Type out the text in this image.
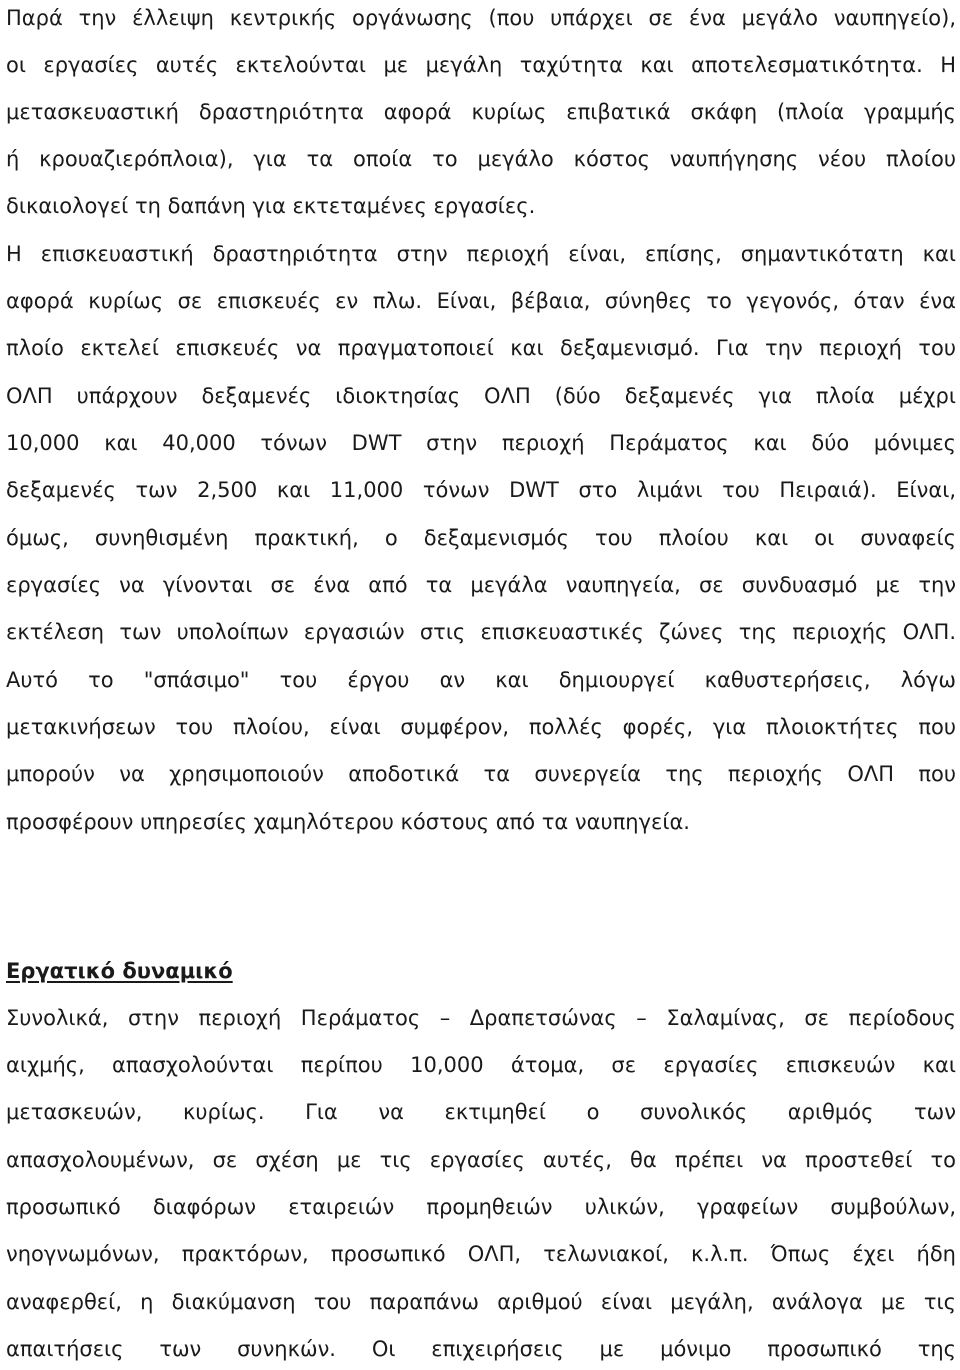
Παρά την έλλειψη κεντρικής οργάνωσης (που υπάρχει σε ένα μεγάλο ναυπηγείο),
οι εργασίες αυτές εκτελούνται με μεγάλη ταχύτητα και αποτελεσματικότητα. Η
μετασκευαστική δραστηριότητα αφορά κυρίως επιβατικά σκάφη (πλοία γραμμής
ή κρουαζιερόπλοια), για τα οποία το μεγάλο κόστος ναυπήγησης νέου πλοίου
δικαιολογεί τη δαπάνη για εκτεταμένες εργασίες.
Η επισκευαστική δραστηριότητα στην περιοχή είναι, επίσης, σημαντικότατη και
αφορά κυρίως σε επισκευές εν πλω. Είναι, βέβαια, σύνηθες το γεγονός, όταν ένα
πλοίο εκτελεί επισκευές να πραγματοποιεί και δεξαμενισμό. Για την περιοχή του
ΟΛΠ υπάρχουν δεξαμενές ιδιοκτησίας ΟΛΠ (δύο δεξαμενές για πλοία μέχρι
10,000 και 40,000 τόνων DWT στην περιοχή Περάματος και δύο μόνιμες
δεξαμενές των 2,500 και 11,000 τόνων DWT στο λιμάνι του Πειραιά). Είναι,
όμως, συνηθισμένη πρακτική, ο δεξαμενισμός του πλοίου και οι συναφείς
εργασίες να γίνονται σε ένα από τα μεγάλα ναυπηγεία, σε συνδυασμό με την
εκτέλεση των υπολοίπων εργασιών στις επισκευαστικές ζώνες της περιοχής ΟΛΠ.
Αυτό το "σπάσιμο" του έργου αν και δημιουργεί καθυστερήσεις, λόγω
μετακινήσεων του πλοίου, είναι συμφέρον, πολλές φορές, για πλοιοκτήτες που
μπορούν να χρησιμοποιούν αποδοτικά τα συνεργεία της περιοχής ΟΛΠ που
προσφέρουν υπηρεσίες χαμηλότερου κόστους από τα ναυπηγεία.
Εργατικό δυναμικό
Συνολικά, στην περιοχή Περάματος – Δραπετσώνας – Σαλαμίνας, σε περίοδους
αιχμής, απασχολούνται περίπου 10,000 άτομα, σε εργασίες επισκευών και
μετασκευών, κυρίως. Για να εκτιμηθεί ο συνολικός αριθμός των
απασχολουμένων, σε σχέση με τις εργασίες αυτές, θα πρέπει να προστεθεί το
προσωπικό διαφόρων εταιρειών προμηθειών υλικών, γραφείων συμβούλων,
νηογνωμόνων, πρακτόρων, προσωπικό ΟΛΠ, τελωνιακοί, κ.λ.π. Όπως έχει ήδη
αναφερθεί, η διακύμανση του παραπάνω αριθμού είναι μεγάλη, ανάλογα με τις
απαιτήσεις των συνηκών. Οι επιχειρήσεις με μόνιμο προσωπικό της
